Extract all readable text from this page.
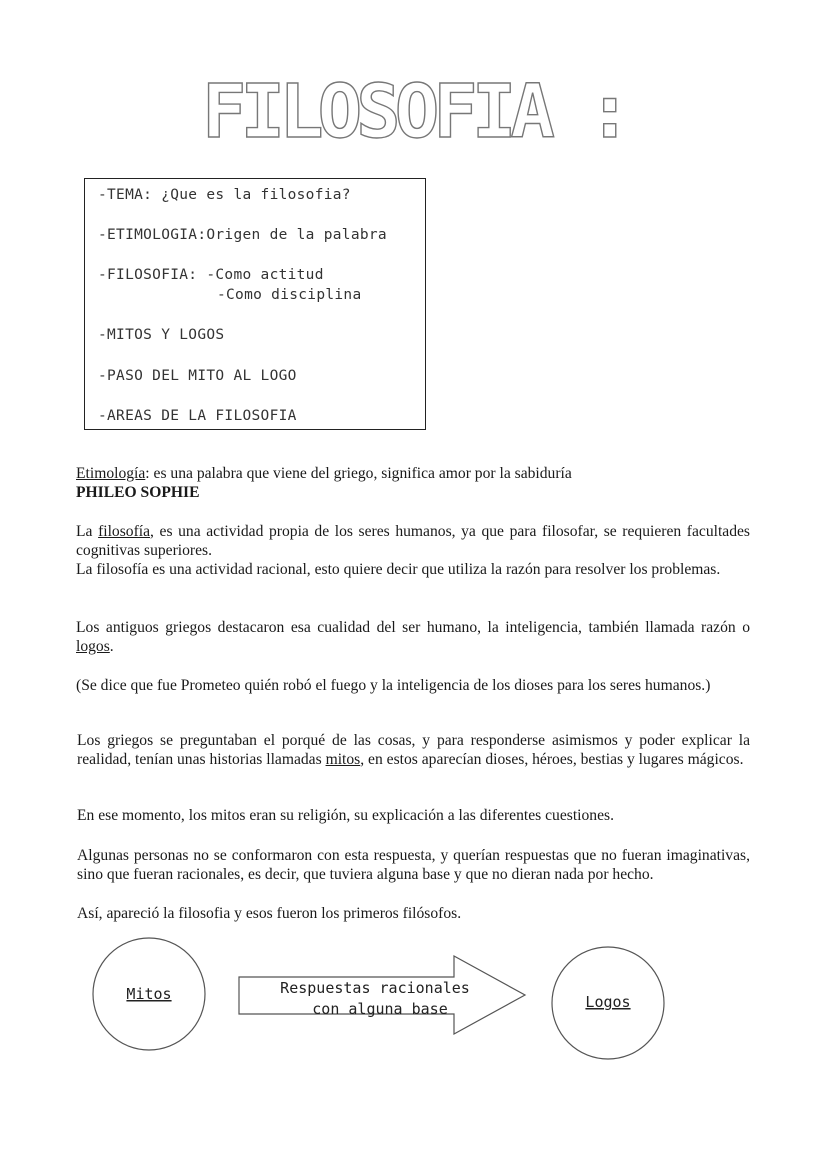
FILOSOFIA :
-TEMA: ¿Que es la filosofia?
-ETIMOLOGIA:Origen de la palabra
-FILOSOFIA: -Como actitud
-Como disciplina
-MITOS Y LOGOS
-PASO DEL MITO AL LOGO
-AREAS DE LA FILOSOFIA
Etimología: es una palabra que viene del griego, significa amor por la sabiduría
PHILEO SOPHIE
La filosofía, es una actividad propia de los seres humanos, ya que para filosofar, se requieren facultades cognitivas superiores.
La filosofía es una actividad racional, esto quiere decir que utiliza la razón para resolver los problemas.
Los antiguos griegos destacaron esa cualidad del ser humano, la inteligencia, también llamada razón o logos.
(Se dice que fue Prometeo quién robó el fuego y la inteligencia de los dioses para los seres humanos.)
Los griegos se preguntaban el porqué de las cosas, y para responderse asimismos y poder explicar la realidad, tenían unas historias llamadas mitos, en estos aparecían dioses, héroes, bestias y lugares mágicos.
En ese momento, los mitos eran su religión, su explicación a las diferentes cuestiones.
Algunas personas no se conformaron con esta respuesta, y querían respuestas que no fueran imaginativas, sino que fueran racionales, es decir, que tuviera alguna base y que no dieran nada por hecho.
Así, apareció la filosofia y esos fueron los primeros filósofos.
Mitos	Respuestas racionales
con alguna base	Logos
